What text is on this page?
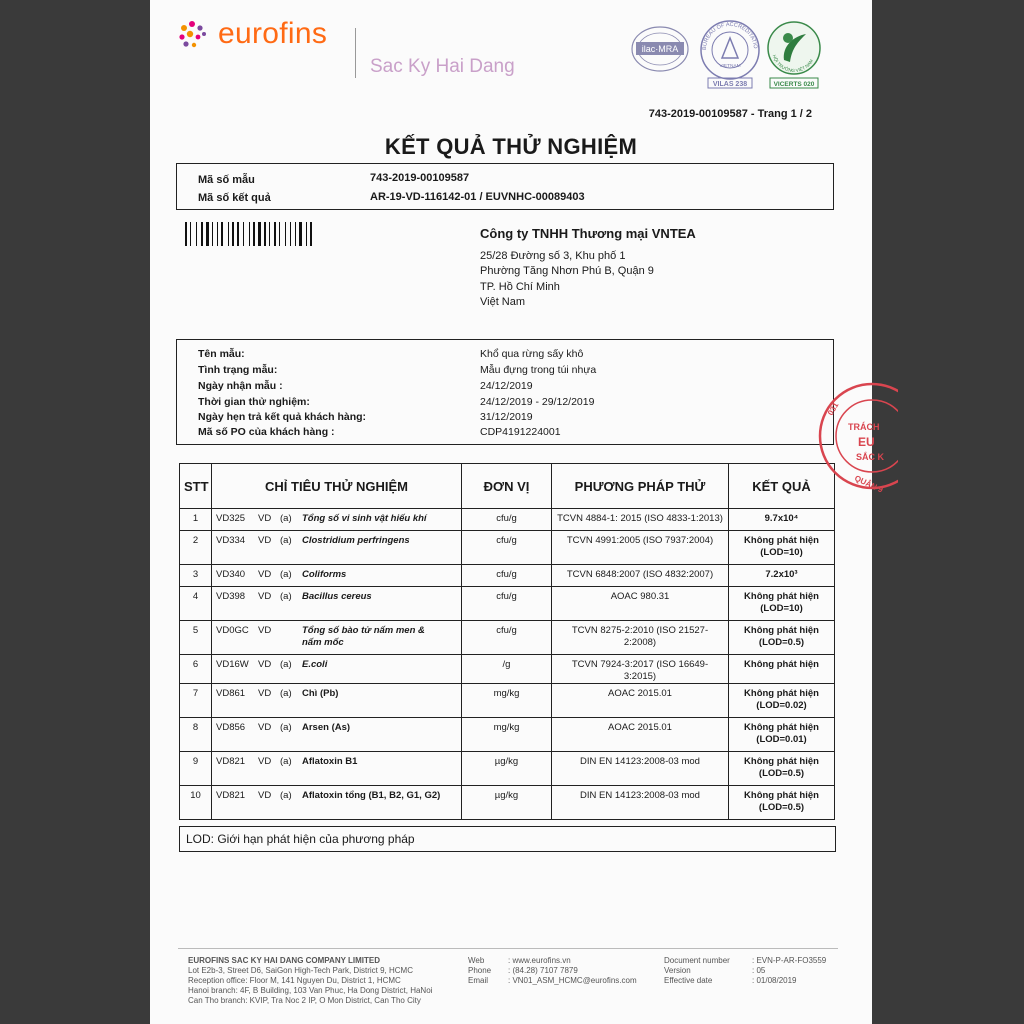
eurofins
Sac Ky Hai Dang
ilac·MRA	BUREAU OF ACCREDITATIO
VIETNAM
VILAS 238
HỘI TRƯỜNG VIỆT NAM
VICERTS 020
743-2019-00109587 - Trang 1 / 2
KẾT QUẢ THỬ NGHIỆM
Mã số mẫu	743-2019-00109587
Mã số kết quả	AR-19-VD-116142-01 / EUVNHC-00089403
Công ty TNHH Thương mại VNTEA
25/28 Đường số 3, Khu phố 1
Phường Tăng Nhơn Phú B, Quận 9
TP. Hồ Chí Minh
Việt Nam
Tên mẫu:	Khổ qua rừng sấy khô
Tình trạng mẫu:	Mẫu đựng trong túi nhựa
Ngày nhận mẫu :	24/12/2019
Thời gian thử nghiệm:	24/12/2019 - 29/12/2019
Ngày hẹn trả kết quả khách hàng:	31/12/2019
Mã số PO của khách hàng :	CDP4191224001
STT	CHỈ TIÊU THỬ NGHIỆM	ĐƠN VỊ	PHƯƠNG PHÁP THỬ	KẾT QUẢ
1	VD325 VD (a) Tổng số vi sinh vật hiếu khí	cfu/g	TCVN 4884-1: 2015 (ISO 4833-1:2013)	9.7x10⁴

2	VD334 VD (a) Clostridium perfringens	cfu/g	TCVN 4991:2005 (ISO 7937:2004)	Không phát hiện
(LOD=10)

3	VD340 VD (a) Coliforms	cfu/g	TCVN 6848:2007 (ISO 4832:2007)	7.2x10³

4	VD398 VD (a) Bacillus cereus	cfu/g	AOAC 980.31	Không phát hiện
(LOD=10)

5	VD0GC VD Tổng số bào tử nấm men & nấm mốc	cfu/g	TCVN 8275-2:2010 (ISO 21527-2:2008)	Không phát hiện
(LOD=0.5)

6	VD16W VD (a) E.coli	/g	TCVN 7924-3:2017 (ISO 16649-3:2015)	Không phát hiện

7	VD861 VD (a) Chì (Pb)	mg/kg	AOAC 2015.01	Không phát hiện
(LOD=0.02)

8	VD856 VD (a) Arsen (As)	mg/kg	AOAC 2015.01	Không phát hiện
(LOD=0.01)

9	VD821 VD (a) Aflatoxin B1	µg/kg	DIN EN 14123:2008-03 mod	Không phát hiện
(LOD=0.5)

10	VD821 VD (a) Aflatoxin tổng (B1, B2, G1, G2)	µg/kg	DIN EN 14123:2008-03 mod	Không phát hiện
(LOD=0.5)
LOD: Giới hạn phát hiện của phương pháp
031
TRÁCH
EU
SẮC K
QUẬN 9
EUROFINS SAC KY HAI DANG COMPANY LIMITED
Lot E2b-3, Street D6, SaiGon High-Tech Park, District 9, HCMC
Reception office: Floor M, 141 Nguyen Du, District 1, HCMC
Hanoi branch: 4F, B Building, 103 Van Phuc, Ha Dong District, HaNoi
Can Tho branch: KVIP, Tra Noc 2 IP, O Mon District, Can Tho City
Web
Phone
Email
: www.eurofins.vn
: (84.28) 7107 7879
: VN01_ASM_HCMC@eurofins.com
Document number
Version
Effective date
: EVN-P-AR-FO3559
: 05
: 01/08/2019
